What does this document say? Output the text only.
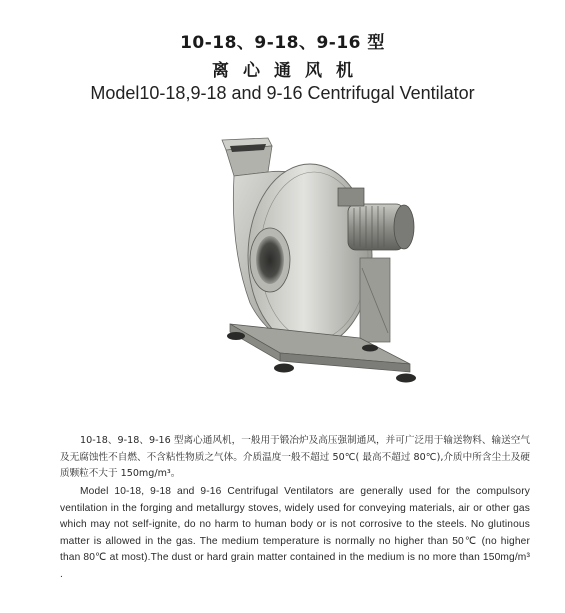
10-18、9-18、9-16 型
离心通风机
Model10-18,9-18 and 9-16 Centrifugal Ventilator
10-18、9-18、9-16 型离心通风机，一般用于锻冶炉及高压强制通风，并可广泛用于输送物料、输送空气及无腐蚀性不自燃、不含粘性物质之气体。介质温度一般不超过 50℃( 最高不超过 80℃),介质中所含尘土及硬质颗粒不大于 150mg/m³。
Model 10-18, 9-18 and 9-16 Centrifugal Ventilators are generally used for the compulsory ventilation in the forging and metallurgy stoves, widely used for conveying materials, air or other gas which may not self-ignite, do no harm to human body or is not corrosive to the steels. No glutinous matter is allowed in the gas. The medium temperature is normally no higher than 50℃ (no higher than 80℃ at most).The dust or hard grain matter contained in the medium is no more than 150mg/m³ .
